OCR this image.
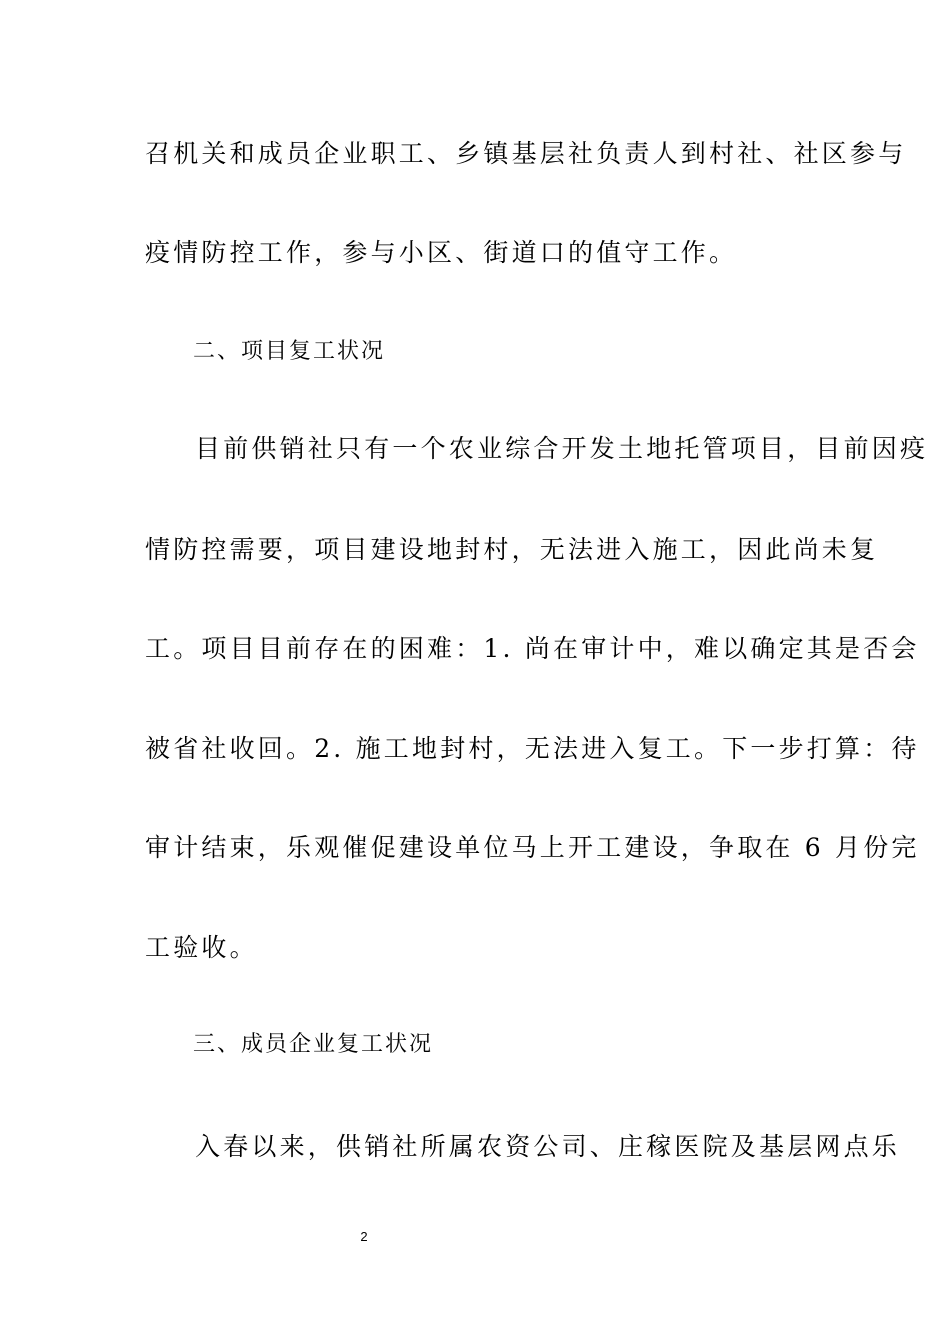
召机关和成员企业职工、乡镇基层社负责人到村社、社区参与
疫情防控工作，参与小区、街道口的值守工作。
二、项目复工状况
目前供销社只有一个农业综合开发土地托管项目，目前因疫
情防控需要，项目建设地封村，无法进入施工，因此尚未复
工。项目目前存在的困难：1. 尚在审计中，难以确定其是否会
被省社收回。2. 施工地封村，无法进入复工。下一步打算：待
审计结束，乐观催促建设单位马上开工建设，争取在 6 月份完
工验收。
三、成员企业复工状况
入春以来，供销社所属农资公司、庄稼医院及基层网点乐
2
